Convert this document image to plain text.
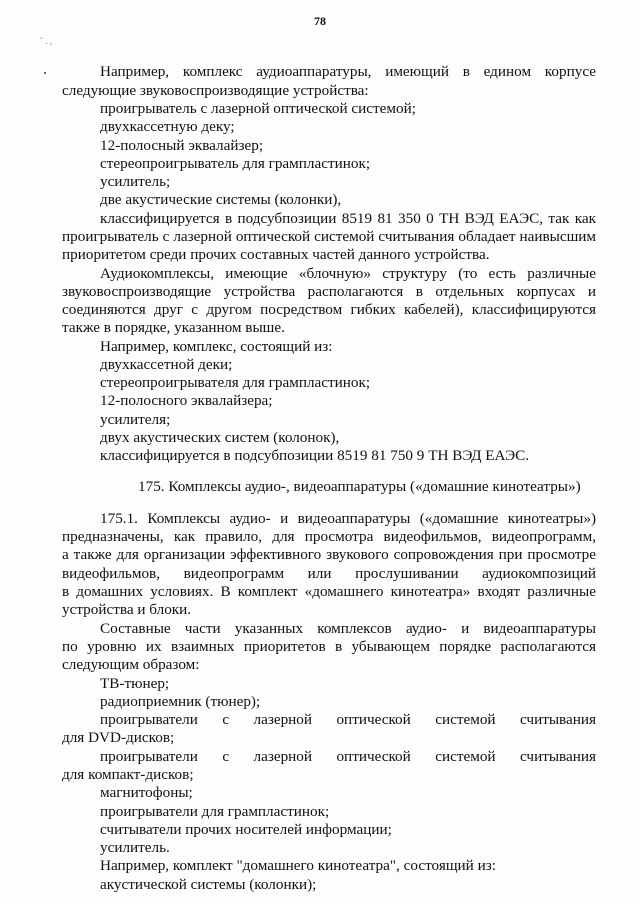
˜ . ,
78
Например, комплекс аудиоаппаратуры, имеющий в едином корпусе
следующие звуковоспроизводящие устройства:
проигрыватель с лазерной оптической системой;
двухкассетную деку;
12-полосный эквалайзер;
стереопроигрыватель для грампластинок;
усилитель;
две акустические системы (колонки),
классифицируется в подсубпозиции 8519 81 350 0 ТН ВЭД ЕАЭС, так как
проигрыватель с лазерной оптической системой считывания обладает наивысшим
приоритетом среди прочих составных частей данного устройства.
Аудиокомплексы, имеющие «блочную» структуру (то есть различные
звуковоспроизводящие устройства располагаются в отдельных корпусах и
соединяются друг с другом посредством гибких кабелей), классифицируются
также в порядке, указанном выше.
Например, комплекс, состоящий из:
двухкассетной деки;
стереопроигрывателя для грампластинок;
12-полосного эквалайзера;
усилителя;
двух акустических систем (колонок),
классифицируется в подсубпозиции 8519 81 750 9 ТН ВЭД ЕАЭС.
175. Комплексы аудио-, видеоаппаратуры («домашние кинотеатры»)
175.1. Комплексы аудио- и видеоаппаратуры («домашние кинотеатры»)
предназначены, как правило, для просмотра видеофильмов, видеопрограмм,
а также для организации эффективного звукового сопровождения при просмотре
видеофильмов, видеопрограмм или прослушивании аудиокомпозиций
в домашних условиях. В комплект «домашнего кинотеатра» входят различные
устройства и блоки.
Составные части указанных комплексов аудио- и видеоаппаратуры
по уровню их взаимных приоритетов в убывающем порядке располагаются
следующим образом:
ТВ-тюнер;
радиоприемник (тюнер);
проигрыватели с лазерной оптической системой считывания
для DVD-дисков;
проигрыватели с лазерной оптической системой считывания
для компакт-дисков;
магнитофоны;
проигрыватели для грампластинок;
считыватели прочих носителей информации;
усилитель.
Например, комплект "домашнего кинотеатра", состоящий из:
акустической системы (колонки);
